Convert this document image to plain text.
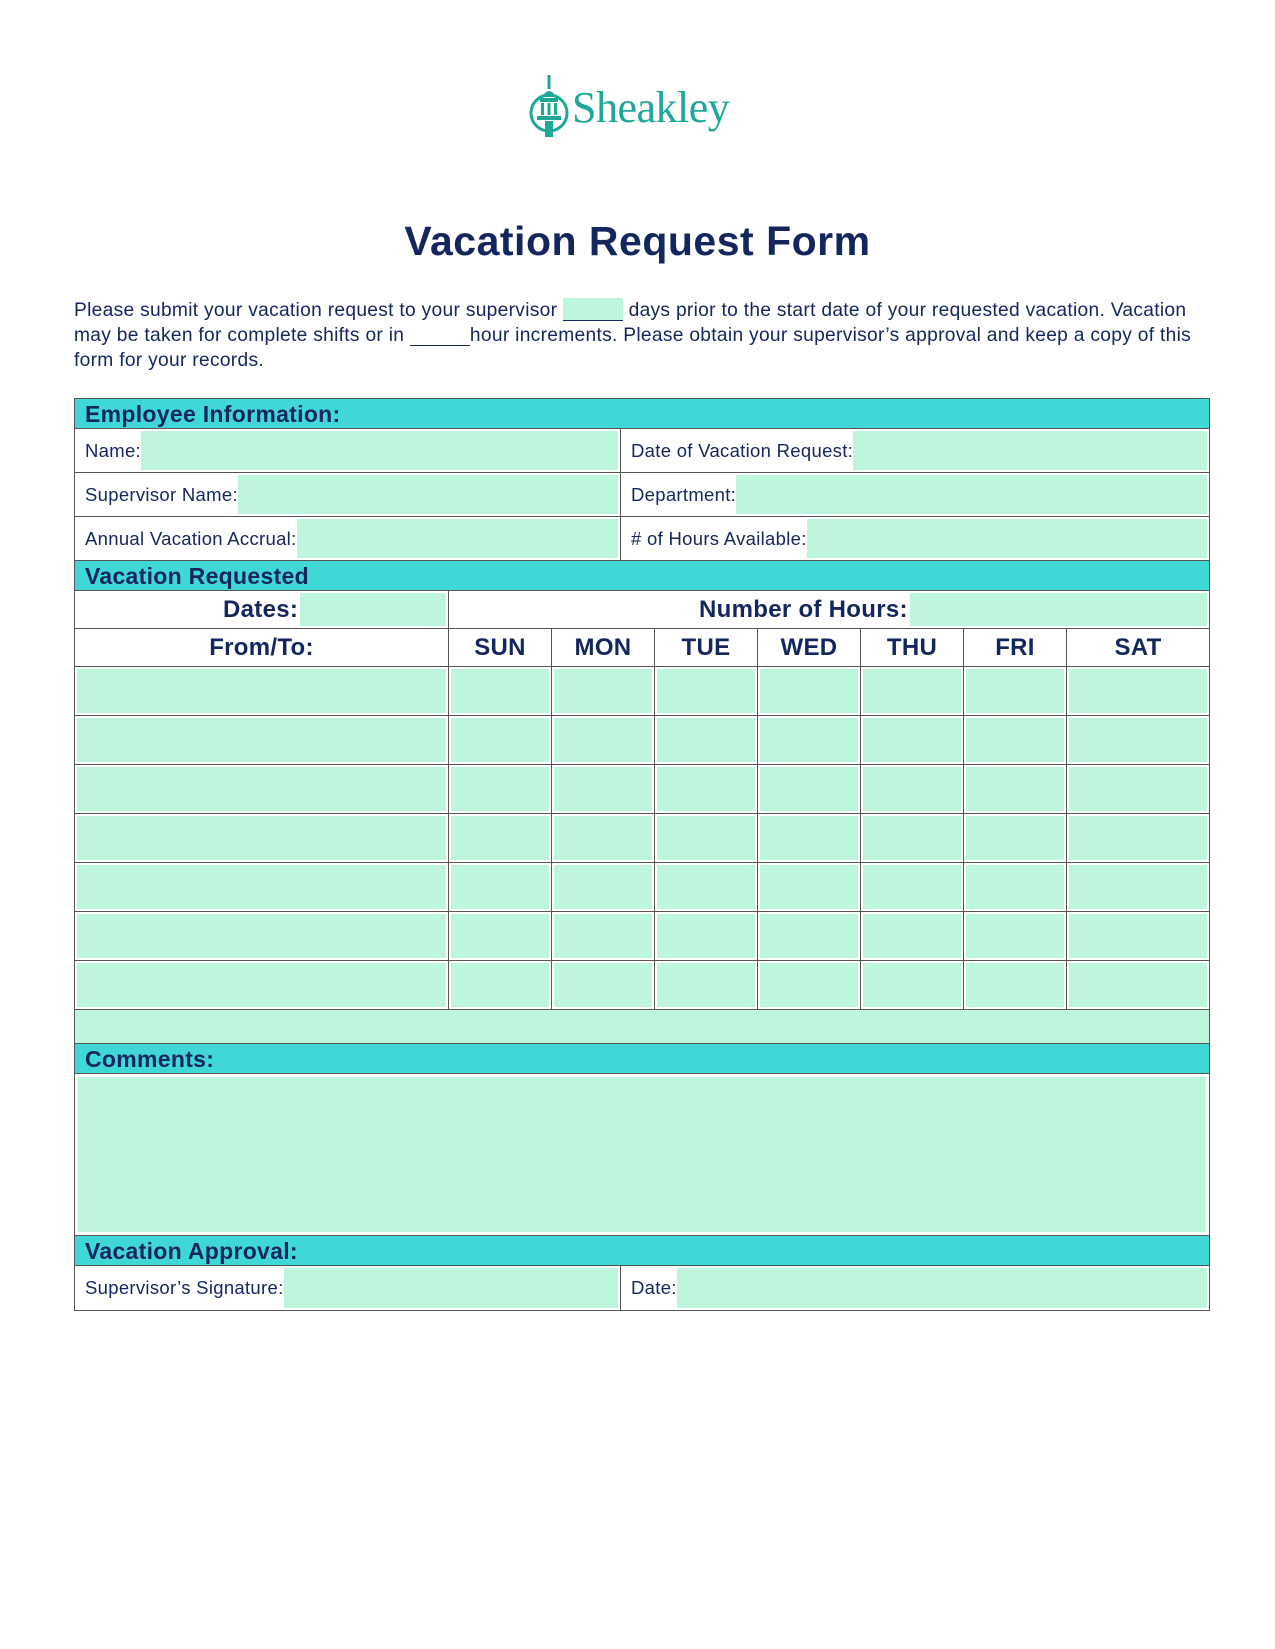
Sheakley
Vacation Request Form
Please submit your vacation request to your supervisor	days prior to the start date of your requested vacation. Vacation may be taken for complete shifts or in	hour increments. Please obtain your supervisor’s approval and keep a copy of this form for your records.
Employee Information:
Name:	Date of Vacation Request:
Supervisor Name:	Department:
Annual Vacation Accrual:	# of Hours Available:
Vacation Requested
Dates:	Number of Hours:
From/To:	SUN	MON	TUE	WED	THU	FRI	SAT
Comments:
Vacation Approval:
Supervisor’s Signature:	Date:
